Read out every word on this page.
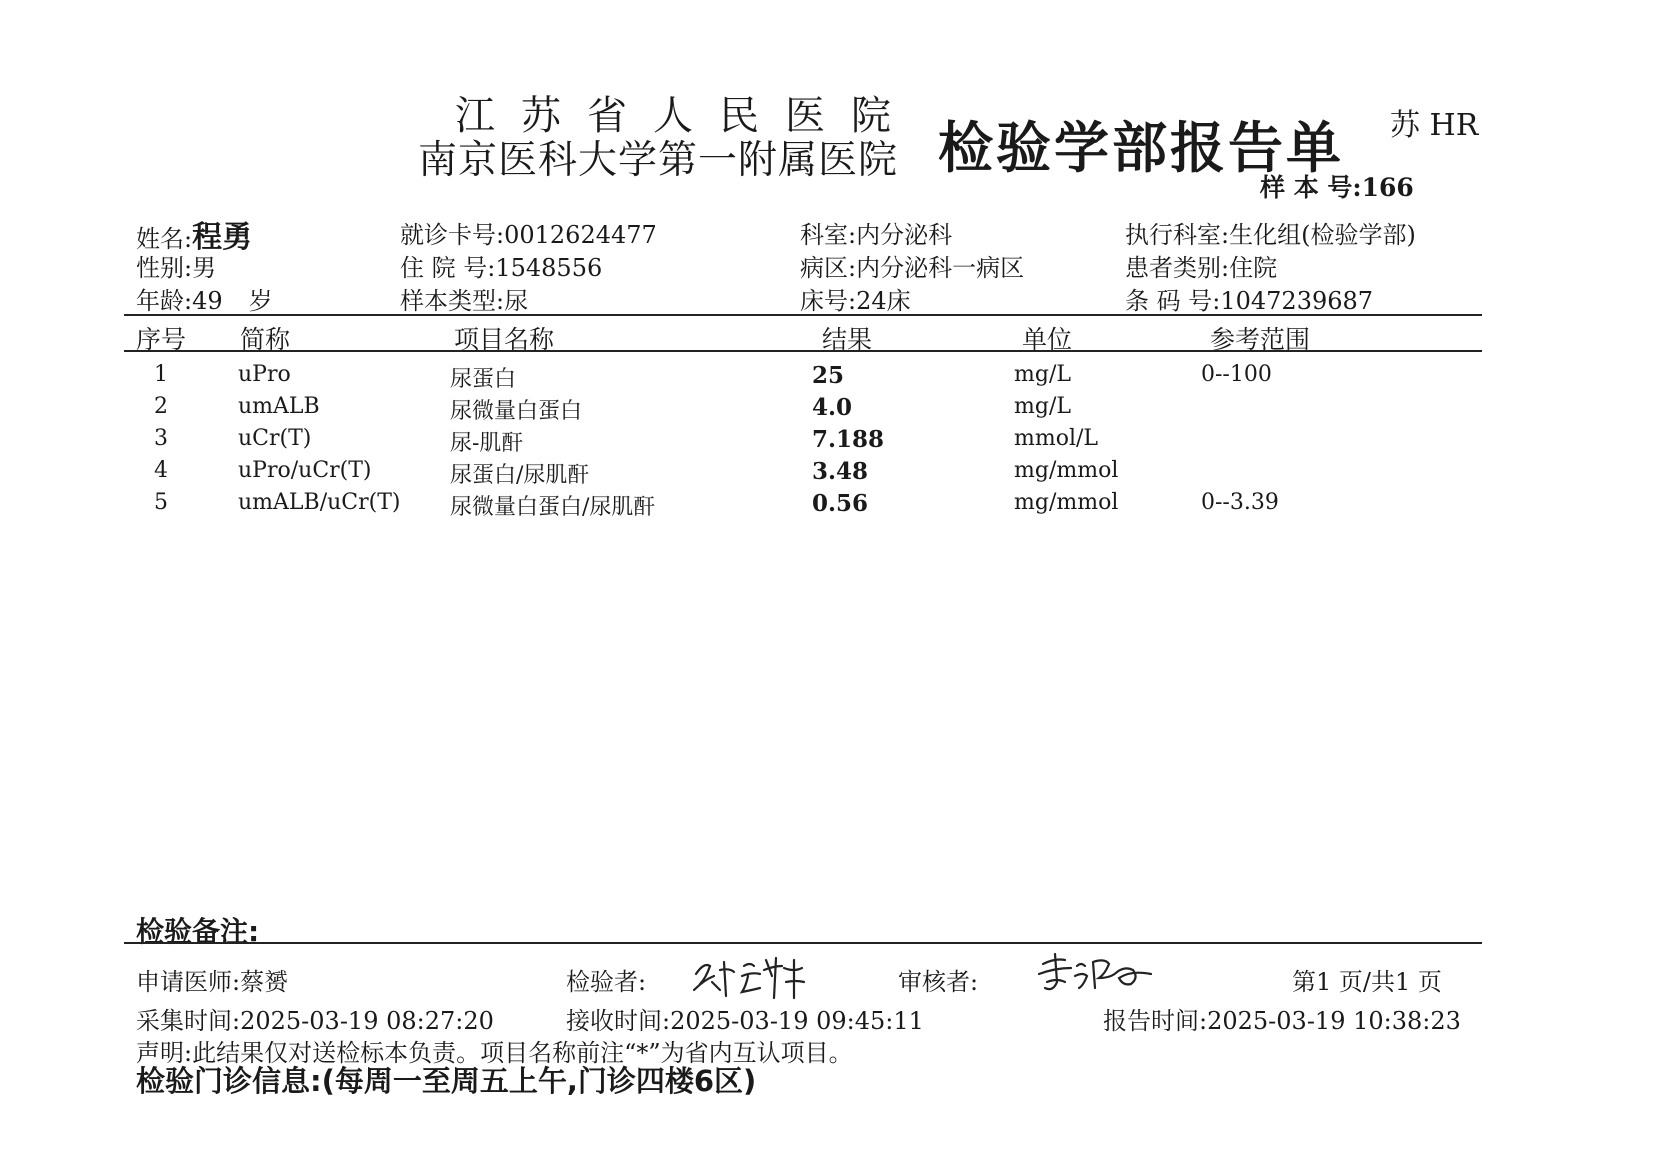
江苏省人民医院
南京医科大学第一附属医院 检验学部报告单 苏 HR
样 本 号:166
姓名:程勇	就诊卡号:0012624477	科室:内分泌科	执行科室:生化组(检验学部)
性别:男	住 院 号:1548556	病区:内分泌科一病区	患者类别:住院
年龄:49 岁	样本类型:尿	床号:24床	条 码 号:1047239687
序号 简称	项目名称	结果	单位	参考范围
1	uPro	尿蛋白	25	mg/L	0--100
2	umALB	尿微量白蛋白	4.0	mg/L
3	uCr(T)	尿-肌酐	7.188	mmol/L
4	uPro/uCr(T)	尿蛋白/尿肌酐	3.48	mg/mmol
5	umALB/uCr(T) 尿微量白蛋白/尿肌酐	0.56	mg/mmol	0--3.39
检验备注:
申请医师:蔡赟	检验者:	审核者:	第1 页/共1 页
采集时间:2025-03-19 08:27:20	接收时间:2025-03-19 09:45:11	报告时间:2025-03-19 10:38:23
声明:此结果仅对送检标本负责。项目名称前注“*”为省内互认项目。
检验门诊信息:(每周一至周五上午,门诊四楼6区)
